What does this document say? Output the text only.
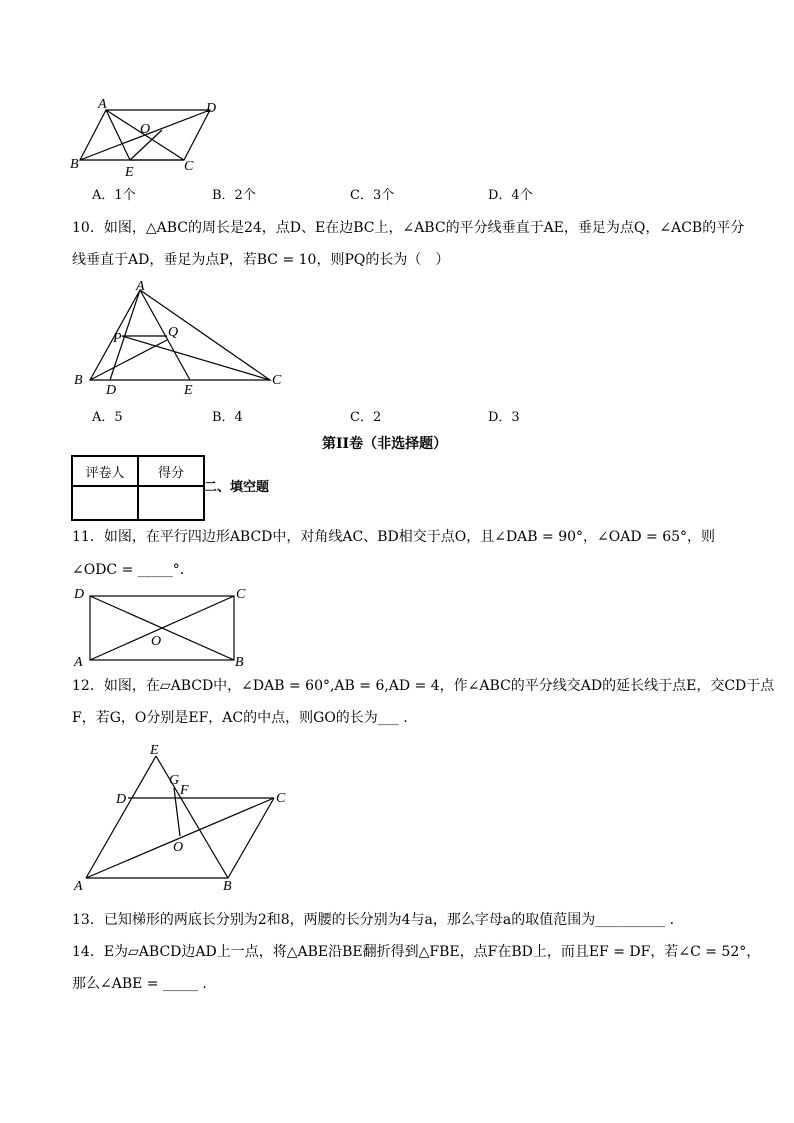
A	D
O
B
E	C
A．1个	B．2个	C．3个	D．4个
10．如图，△ABC的周长是24，点D、E在边BC上，∠ABC的平分线垂直于AE，垂足为点Q，∠ACB的平分
线垂直于AD，垂足为点P，若BC = 10，则PQ的长为（　）
A
P	Q
B
D	E
C
A．5	B．4	C．2	D．3
第II卷（非选择题）
评卷人	得分

二、填空题
11．如图，在平行四边形ABCD中，对角线AC、BD相交于点O，且∠DAB = 90°，∠OAD = 65°，则
∠ODC = _____°.
D	C
O
A	B
12．如图，在▱ABCD中，∠DAB = 60°,AB = 6,AD = 4，作∠ABC的平分线交AD的延长线于点E，交CD于点
F，若G，O分别是EF，AC的中点，则GO的长为___ .
E
G
F
D	C
O
A	B
13．已知梯形的两底长分别为2和8，两腰的长分别为4与a，那么字母a的取值范围为__________ .
14．E为▱ABCD边AD上一点，将△ABE沿BE翻折得到△FBE，点F在BD上，而且EF = DF，若∠C = 52°，
那么∠ABE = _____ .
